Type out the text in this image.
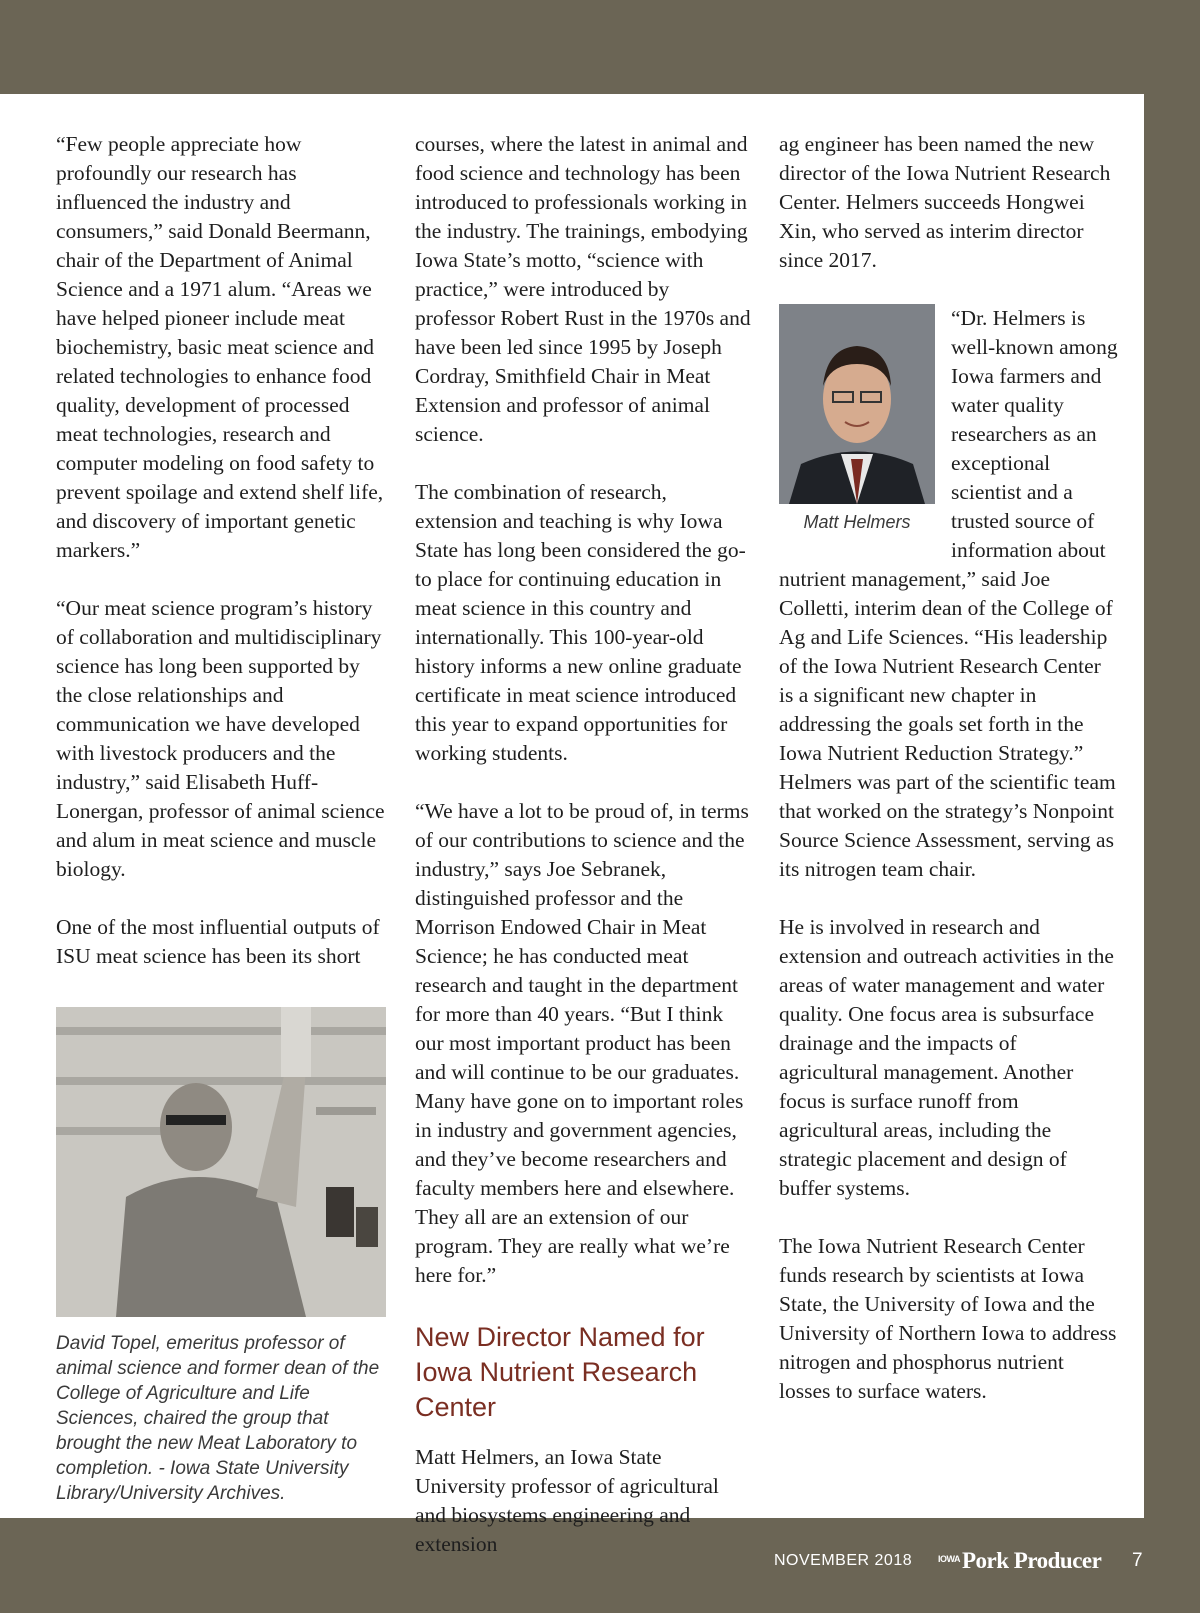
“Few people appreciate how profoundly our research has influenced the industry and consumers,” said Donald Beermann, chair of the Department of Animal Science and a 1971 alum. “Areas we have helped pioneer include meat biochemistry, basic meat science and related technologies to enhance food quality, development of processed meat technologies, research and computer modeling on food safety to prevent spoilage and extend shelf life, and discovery of important genetic markers.”

“Our meat science program’s history of collaboration and multidisciplinary science has long been supported by the close relationships and communication we have developed with livestock producers and the industry,” said Elisabeth Huff-Lonergan, professor of animal science and alum in meat science and muscle biology.

One of the most influential outputs of ISU meat science has been its short

David Topel, emeritus professor of animal science and former dean of the College of Agriculture and Life Sciences, chaired the group that brought the new Meat Laboratory to completion. - Iowa State University Library/University Archives.

courses, where the latest in animal and food science and technology has been introduced to professionals working in the industry. The trainings, embodying Iowa State’s motto, “science with practice,” were introduced by professor Robert Rust in the 1970s and have been led since 1995 by Joseph Cordray, Smithfield Chair in Meat Extension and professor of animal science.

The combination of research, extension and teaching is why Iowa State has long been considered the go-to place for continuing education in meat science in this country and internationally. This 100-year-old history informs a new online graduate certificate in meat science introduced this year to expand opportunities for working students.

“We have a lot to be proud of, in terms of our contributions to science and the industry,” says Joe Sebranek, distinguished professor and the Morrison Endowed Chair in Meat Science; he has conducted meat research and taught in the department for more than 40 years. “But I think our most important product has been and will continue to be our graduates. Many have gone on to important roles in industry and government agencies, and they’ve become researchers and faculty members here and elsewhere. They all are an extension of our program. They are really what we’re here for.”

New Director Named for Iowa Nutrient Research Center

Matt Helmers, an Iowa State University professor of agricultural and biosystems engineering and extension

ag engineer has been named the new director of the Iowa Nutrient Research Center. Helmers succeeds Hongwei Xin, who served as interim director since 2017.

Matt Helmers

“Dr. Helmers is well-known among Iowa farmers and water quality researchers as an exceptional scientist and a trusted source of information about nutrient management,” said Joe Colletti, interim dean of the College of Ag and Life Sciences. “His leadership of the Iowa Nutrient Research Center is a significant new chapter in addressing the goals set forth in the Iowa Nutrient Reduction Strategy.”

Helmers was part of the scientific team that worked on the strategy’s Nonpoint Source Science Assessment, serving as its nitrogen team chair.

He is involved in research and extension and outreach activities in the areas of water management and water quality. One focus area is subsurface drainage and the impacts of agricultural management. Another focus is surface runoff from agricultural areas, including the strategic placement and design of buffer systems.

The Iowa Nutrient Research Center funds research by scientists at Iowa State, the University of Iowa and the University of Northern Iowa to address nitrogen and phosphorus nutrient losses to surface waters.

NOVEMBER 2018	$^{IOWA}$Pork Producer 7
